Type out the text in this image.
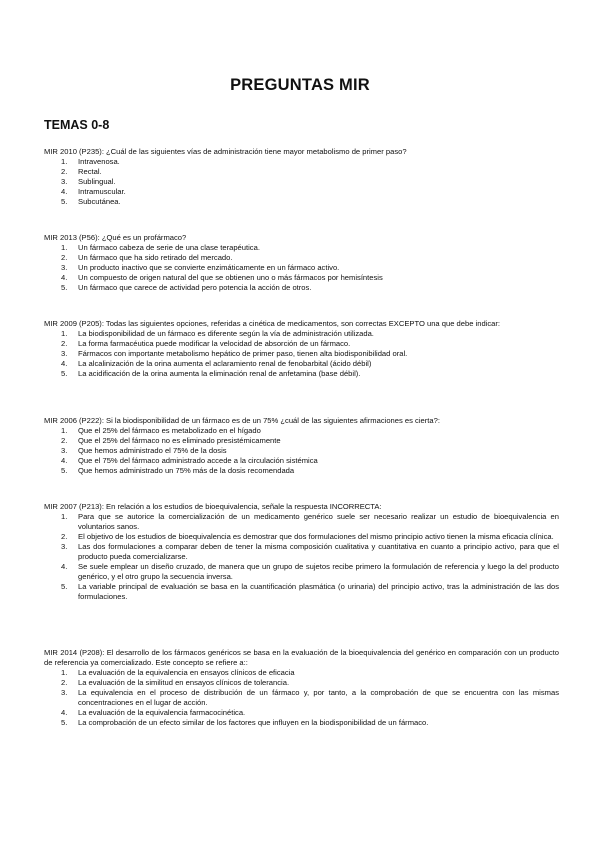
PREGUNTAS MIR
TEMAS 0-8
MIR 2010 (P235): ¿Cuál de las siguientes vías de administración tiene mayor metabolismo de primer paso?
1. Intravenosa.
2. Rectal.
3. Sublingual.
4. Intramuscular.
5. Subcutánea.
MIR 2013 (P56): ¿Qué es un profármaco?
1. Un fármaco cabeza de serie de una clase terapéutica.
2. Un fármaco que ha sido retirado del mercado.
3. Un producto inactivo que se convierte enzimáticamente en un fármaco activo.
4. Un compuesto de origen natural del que se obtienen uno o más fármacos por hemisíntesis
5. Un fármaco que carece de actividad pero potencia la acción de otros.
MIR 2009 (P205): Todas las siguientes opciones, referidas a cinética de medicamentos, son correctas EXCEPTO una que debe indicar:
1. La biodisponibilidad de un fármaco es diferente según la vía de administración utilizada.
2. La forma farmacéutica puede modificar la velocidad de absorción de un fármaco.
3. Fármacos con importante metabolismo hepático de primer paso, tienen alta biodisponibilidad oral.
4. La alcalinización de la orina aumenta el aclaramiento renal de fenobarbital (ácido débil)
5. La acidificación de la orina aumenta la eliminación renal de anfetamina (base débil).
MIR 2006 (P222): Si la biodisponibilidad de un fármaco es de un 75% ¿cuál de las siguientes afirmaciones es cierta?:
1. Que el 25% del fármaco es metabolizado en el hígado
2. Que el 25% del fármaco no es eliminado presistémicamente
3. Que hemos administrado el 75% de la dosis
4. Que el 75% del fármaco administrado accede a la circulación sistémica
5. Que hemos administrado un 75% más de la dosis recomendada
MIR 2007 (P213): En relación a los estudios de bioequivalencia, señale la respuesta INCORRECTA:
1. Para que se autorice la comercialización de un medicamento genérico suele ser necesario realizar un estudio de bioequivalencia en voluntarios sanos.
2. El objetivo de los estudios de bioequivalencia es demostrar que dos formulaciones del mismo principio activo tienen la misma eficacia clínica.
3. Las dos formulaciones a comparar deben de tener la misma composición cualitativa y cuantitativa en cuanto a principio activo, para que el producto pueda comercializarse.
4. Se suele emplear un diseño cruzado, de manera que un grupo de sujetos recibe primero la formulación de referencia y luego la del producto genérico, y el otro grupo la secuencia inversa.
5. La variable principal de evaluación se basa en la cuantificación plasmática (o urinaria) del principio activo, tras la administración de las dos formulaciones.
MIR 2014 (P208): El desarrollo de los fármacos genéricos se basa en la evaluación de la bioequivalencia del genérico en comparación con un producto de referencia ya comercializado. Este concepto se refiere a::
1. La evaluación de la equivalencia en ensayos clínicos de eficacia
2. La evaluación de la similitud en ensayos clínicos de tolerancia.
3. La equivalencia en el proceso de distribución de un fármaco y, por tanto, a la comprobación de que se encuentra con las mismas concentraciones en el lugar de acción.
4. La evaluación de la equivalencia farmacocinética.
5. La comprobación de un efecto similar de los factores que influyen en la biodisponibilidad de un fármaco.
